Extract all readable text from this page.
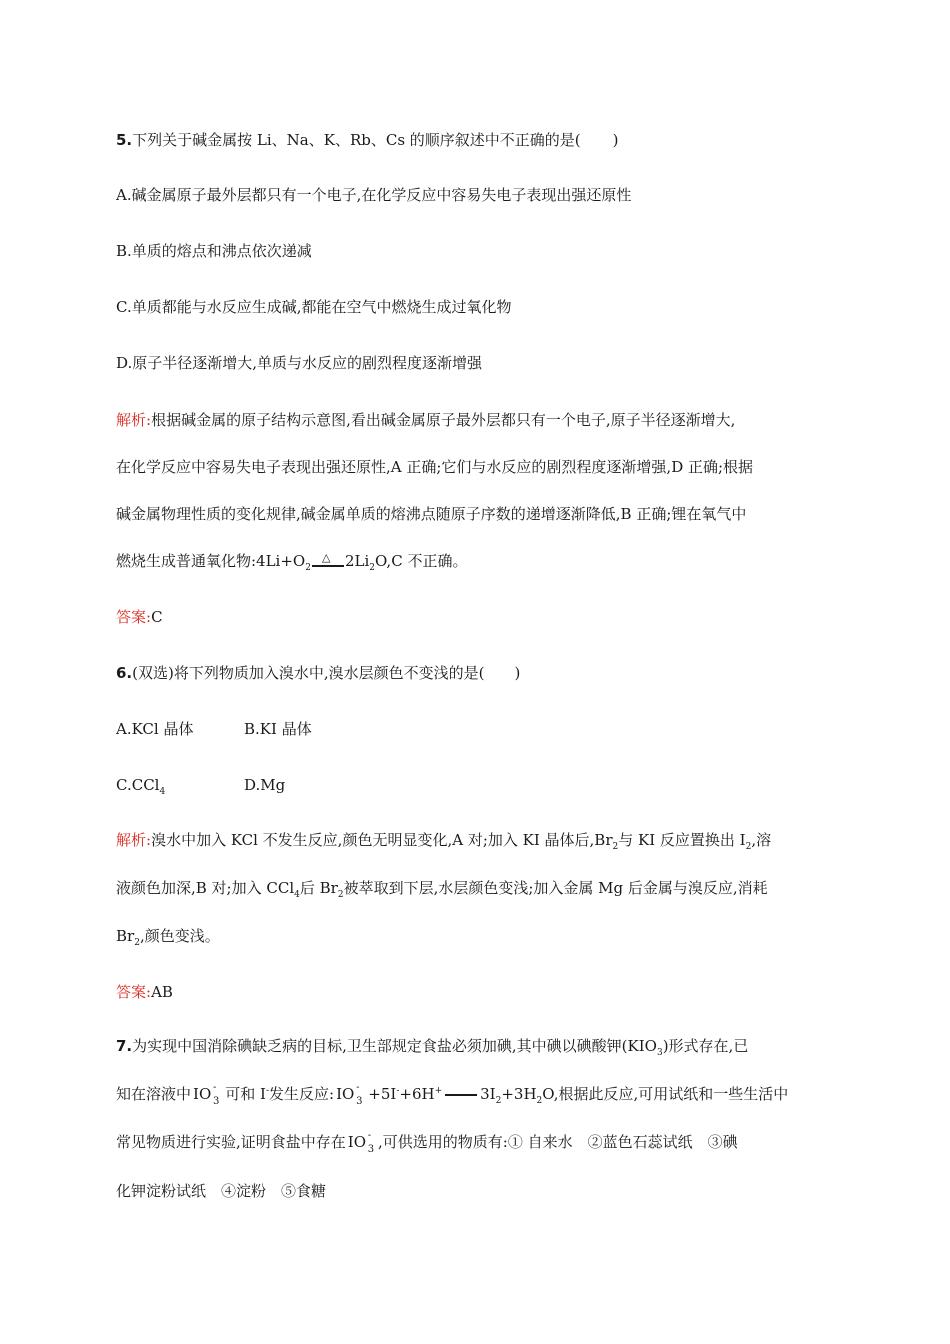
5.下列关于碱金属按 Li、Na、K、Rb、Cs 的顺序叙述中不正确的是( )
A.碱金属原子最外层都只有一个电子,在化学反应中容易失电子表现出强还原性
B.单质的熔点和沸点依次递减
C.单质都能与水反应生成碱,都能在空气中燃烧生成过氧化物
D.原子半径逐渐增大,单质与水反应的剧烈程度逐渐增强
解析:根据碱金属的原子结构示意图,看出碱金属原子最外层都只有一个电子,原子半径逐渐增大,
在化学反应中容易失电子表现出强还原性,A 正确;它们与水反应的剧烈程度逐渐增强,D 正确;根据
碱金属物理性质的变化规律,碱金属单质的熔沸点随原子序数的递增逐渐降低,B 正确;锂在氧气中
燃烧生成普通氧化物$:4Li+O_2$
△ $2Li_2O,C$ 不正确。
答案:C
6.(双选)将下列物质加入溴水中,溴水层颜色不变浅的是( )
A.KCl 晶体	B.KI 晶体
C.CCl$_4$	D.Mg
解析:溴水中加入 KCl 不发生反应,颜色无明显变化,A 对;加入 KI 晶体后$,Br_2$与 KI 反应置换出 $I_2$,溶
液颜色加深,B 对;加入 CCl$_4$后 $Br_2$被萃取到下层,水层颜色变浅;加入金属 Mg 后金属与溴反应,消耗
$Br_2$,颜色变浅。
答案:AB
7.为实现中国消除碘缺乏病的目标,卫生部规定食盐必须加碘,其中碘以碘酸钾$(KIO_3)$形式存在,已
知在溶液中 IO -
3 可和 I-发生反应: IO -
3 +5I-+6H+	$3I_2+3H_2O$,根据此反应,可用试纸和一些生活中
常见物质进行实验,证明食盐中存在 IO -
3 ,可供选用的物质有:① 自来水　②蓝色石蕊试纸　③碘
化钾淀粉试纸　④淀粉　⑤食糖
